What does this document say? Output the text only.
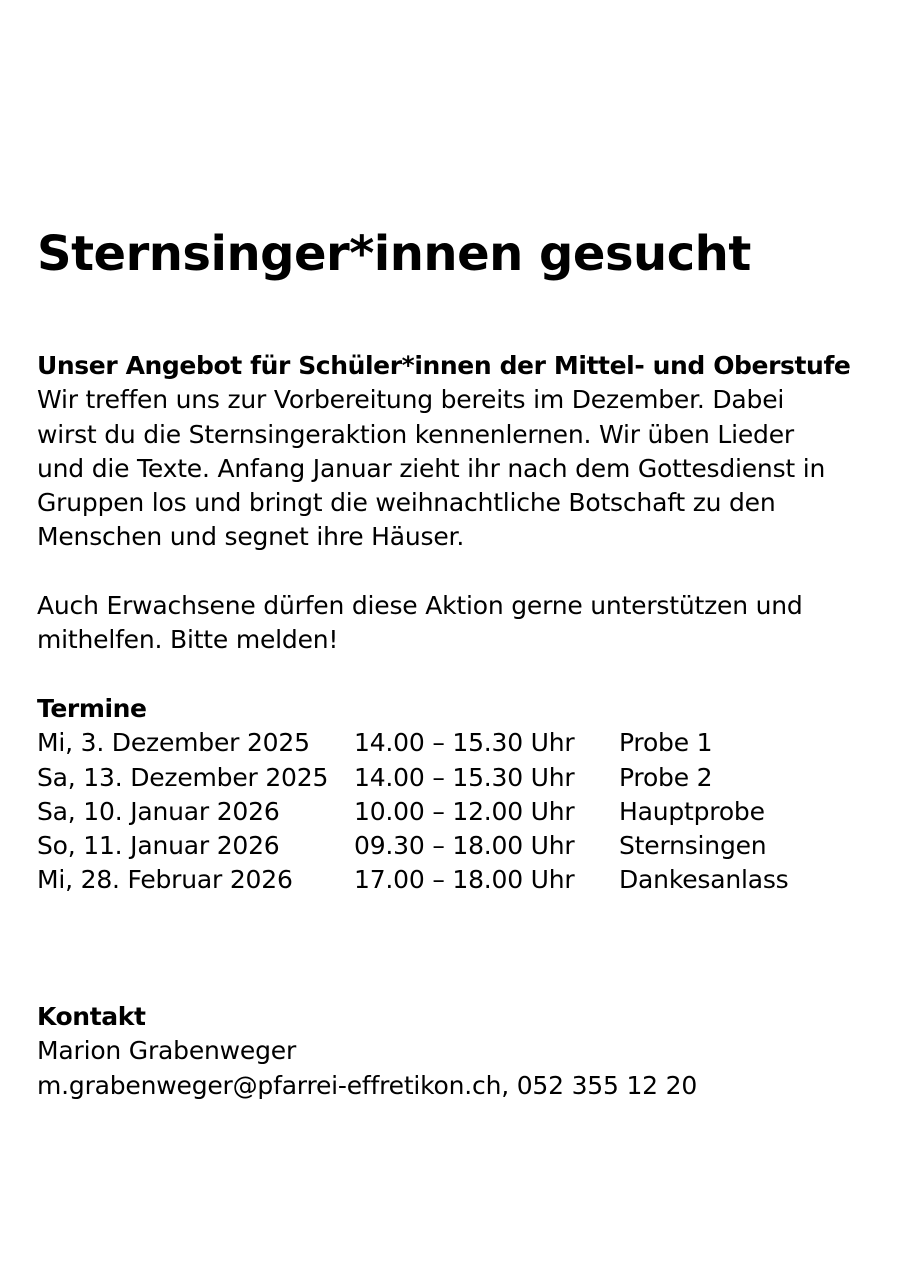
Sternsinger*innen gesucht

Unser Angebot für Schüler*innen der Mittel- und Oberstufe

Wir treffen uns zur Vorbereitung bereits im Dezember. Dabei

wirst du die Sternsingeraktion kennenlernen. Wir üben Lieder

und die Texte. Anfang Januar zieht ihr nach dem Gottesdienst in

Gruppen los und bringt die weihnachtliche Botschaft zu den

Menschen und segnet ihre Häuser.

Auch Erwachsene dürfen diese Aktion gerne unterstützen und

mithelfen. Bitte melden!

Termine

Mi, 3. Dezember 2025 14.00 – 15.30 Uhr Probe 1
Sa, 13. Dezember 2025 14.00 – 15.30 Uhr Probe 2
Sa, 10. Januar 2026	10.00 – 12.00 Uhr Hauptprobe
So, 11. Januar 2026	09.30 – 18.00 Uhr Sternsingen
Mi, 28. Februar 2026 17.00 – 18.00 Uhr Dankesanlass

Kontakt

Marion Grabenweger

m.grabenweger@pfarrei-effretikon.ch, 052 355 12 20
